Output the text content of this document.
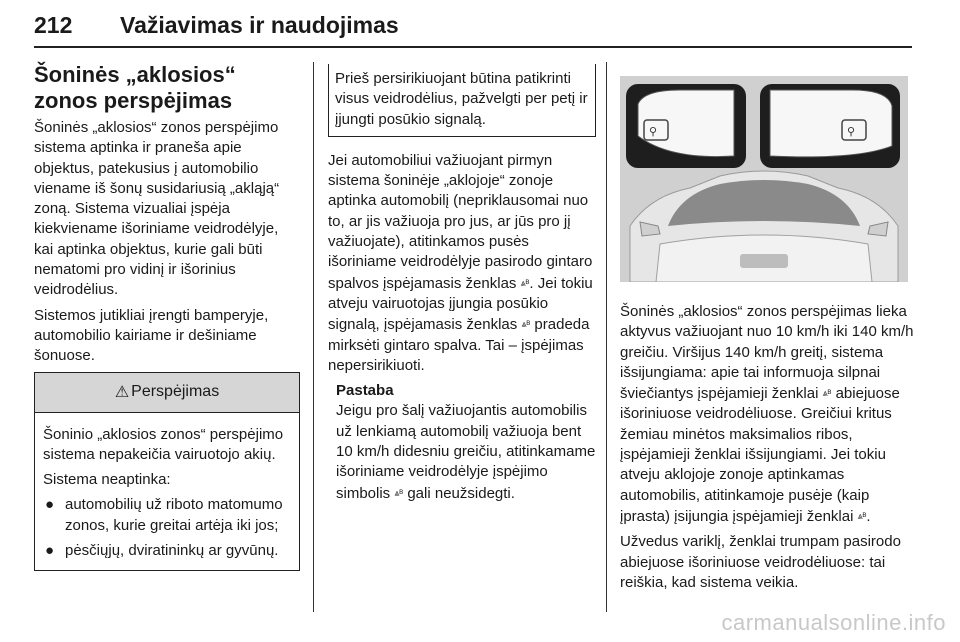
212 Važiavimas ir naudojimas
Šoninės „aklosios“ zonos perspėjimas

Šoninės „aklosios“ zonos perspėjimo sistema aptinka ir praneša apie objektus, patekusius į automobilio viename iš šonų susidariusią „akląją“ zoną. Sistema vizualiai įspėja kiekviename išoriniame veidrodėlyje, kai aptinka objektus, kurie gali būti nematomi pro vidinį ir išorinius veidrodėlius.

Sistemos jutikliai įrengti bamperyje, automobilio kairiame ir dešiniame šonuose.

⚠ Perspėjimas

Šoninio „aklosios zonos“ perspėjimo sistema nepakeičia vairuotojo akių.

Sistema neaptinka:

● automobilių už riboto matomumo zonos, kurie greitai artėja iki jos;
● pėsčiųjų, dviratininkų ar gyvūnų.

Prieš persirikiuojant būtina patikrinti visus veidrodėlius, pažvelgti per petį ir įjungti posūkio signalą.

Jei automobiliui važiuojant pirmyn sistema šoninėje „aklojoje“ zonoje aptinka automobilį (nepriklausomai nuo to, ar jis važiuoja pro jus, ar jūs pro jį važiuojate), atitinkamos pusės išoriniame veidrodėlyje pasirodo gintaro spalvos įspėjamasis ženklas ⩓ᴮ. Jei tokiu atveju vairuotojas įjungia posūkio signalą, įspėjamasis ženklas ⩓ᴮ pradeda mirksėti gintaro spalva. Tai – įspėjimas nepersirikiuoti.

Pastaba

Jeigu pro šalį važiuojantis automobilis už lenkiamą automobilį važiuoja bent 10 km/h didesniu greičiu, atitinkamame išoriniame veidrodėlyje įspėjimo simbolis ⩓ᴮ gali neužsidegti.

⚲	⚲

Šoninės „aklosios“ zonos perspėjimas lieka aktyvus važiuojant nuo 10 km/h iki 140 km/h greičiu. Viršijus 140 km/h greitį, sistema išsijungiama: apie tai informuoja silpnai šviečiantys įspėjamieji ženklai ⩓ᴮ abiejuose išoriniuose veidrodėliuose. Greičiui kritus žemiau minėtos maksimalios ribos, įspėjamieji ženklai išsijungiami. Jei tokiu atveju aklojoje zonoje aptinkamas automobilis, atitinkamoje pusėje (kaip įprasta) įsijungia įspėjamieji ženklai ⩓ᴮ.

Užvedus variklį, ženklai trumpam pasirodo abiejuose išoriniuose veidrodėliuose: tai reiškia, kad sistema veikia.

carmanualsonline.info
